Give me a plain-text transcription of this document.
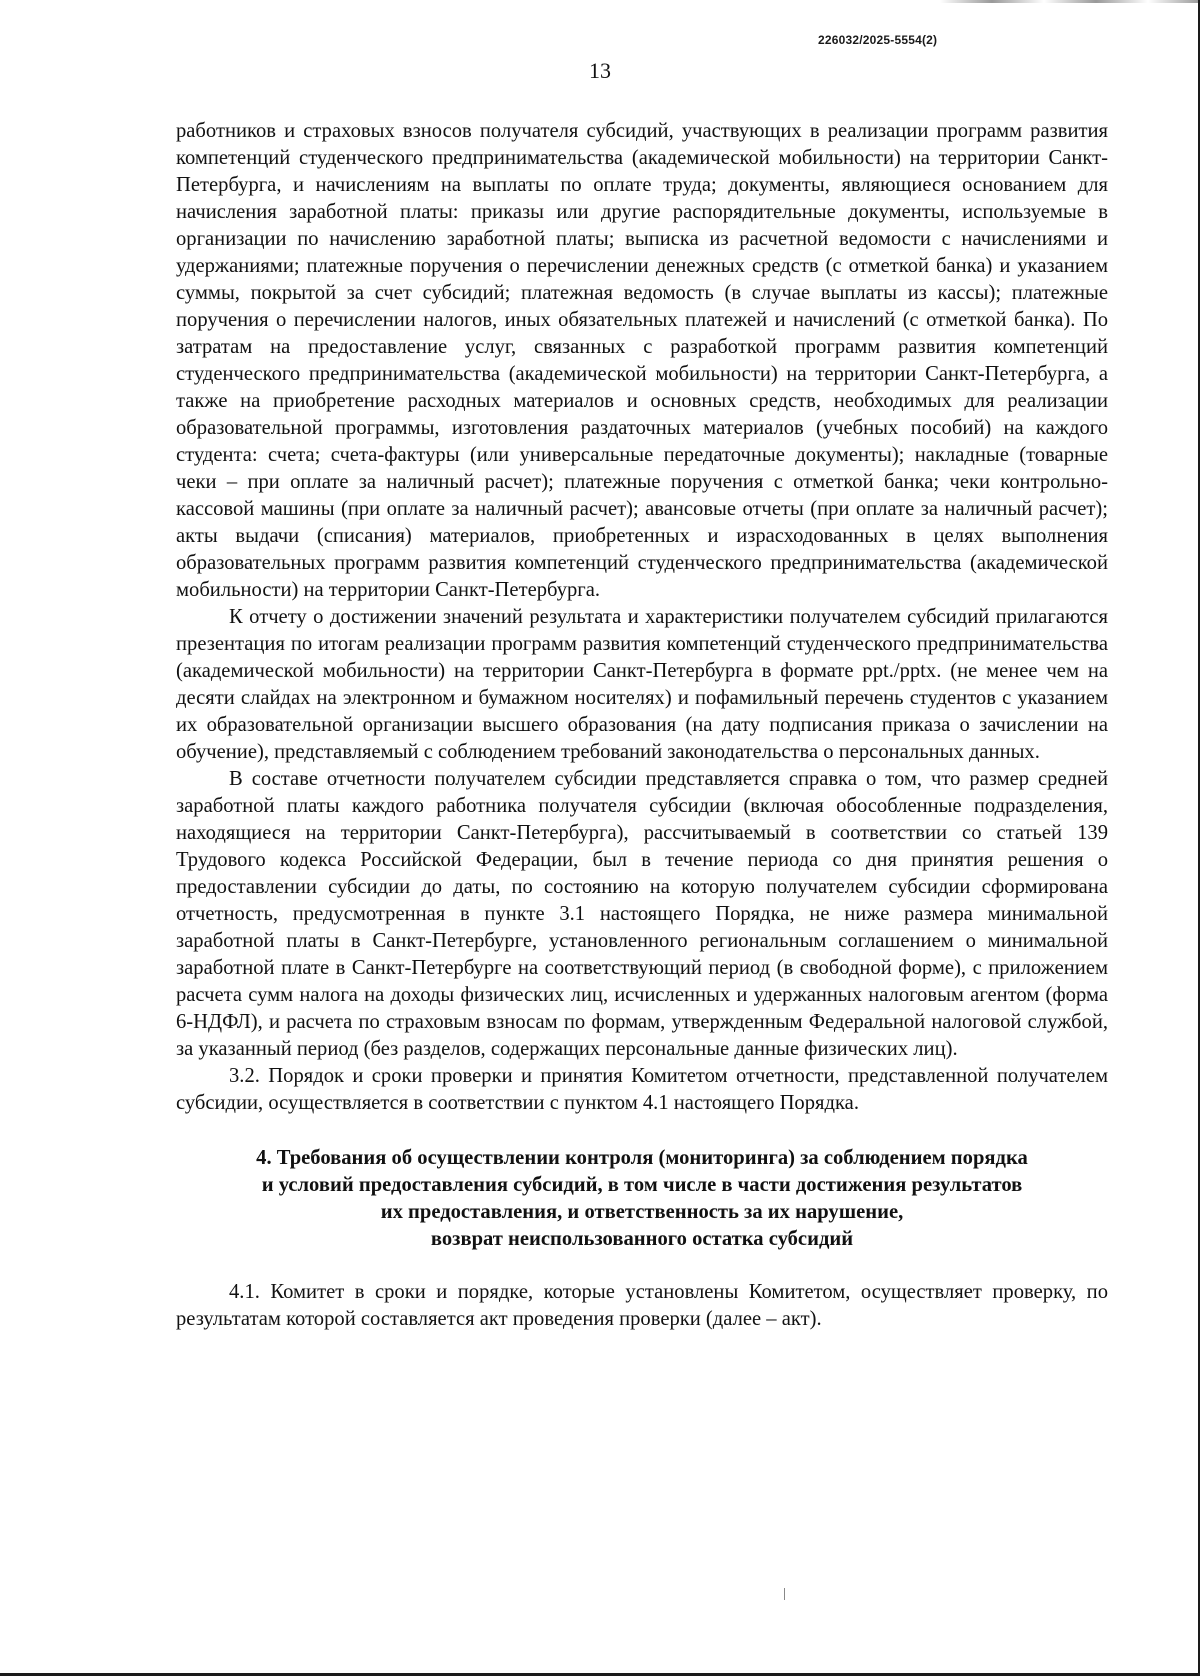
226032/2025-5554(2)
13

работников и страховых взносов получателя субсидий, участвующих в реализации программ развития компетенций студенческого предпринимательства (академической мобильности) на территории Санкт-Петербурга, и начислениям на выплаты по оплате труда; документы, являющиеся основанием для начисления заработной платы: приказы или другие распорядительные документы, используемые в организации по начислению заработной платы; выписка из расчетной ведомости с начислениями и удержаниями; платежные поручения о перечислении денежных средств (с отметкой банка) и указанием суммы, покрытой за счет субсидий; платежная ведомость (в случае выплаты из кассы); платежные поручения о перечислении налогов, иных обязательных платежей и начислений (с отметкой банка). По затратам на предоставление услуг, связанных с разработкой программ развития компетенций студенческого предпринимательства (академической мобильности) на территории Санкт-Петербурга, а также на приобретение расходных материалов и основных средств, необходимых для реализации образовательной программы, изготовления раздаточных материалов (учебных пособий) на каждого студента: счета; счета-фактуры (или универсальные передаточные документы); накладные (товарные чеки – при оплате за наличный расчет); платежные поручения с отметкой банка; чеки контрольно-кассовой машины (при оплате за наличный расчет); авансовые отчеты (при оплате за наличный расчет); акты выдачи (списания) материалов, приобретенных и израсходованных в целях выполнения образовательных программ развития компетенций студенческого предпринимательства (академической мобильности) на территории Санкт-Петербурга.

К отчету о достижении значений результата и характеристики получателем субсидий прилагаются презентация по итогам реализации программ развития компетенций студенческого предпринимательства (академической мобильности) на территории Санкт-Петербурга в формате ppt./pptx. (не менее чем на десяти слайдах на электронном и бумажном носителях) и пофамильный перечень студентов с указанием их образовательной организации высшего образования (на дату подписания приказа о зачислении на обучение), представляемый с соблюдением требований законодательства о персональных данных.

В составе отчетности получателем субсидии представляется справка о том, что размер средней заработной платы каждого работника получателя субсидии (включая обособленные подразделения, находящиеся на территории Санкт-Петербурга), рассчитываемый в соответствии со статьей 139 Трудового кодекса Российской Федерации, был в течение периода со дня принятия решения о предоставлении субсидии до даты, по состоянию на которую получателем субсидии сформирована отчетность, предусмотренная в пункте 3.1 настоящего Порядка, не ниже размера минимальной заработной платы в Санкт-Петербурге, установленного региональным соглашением о минимальной заработной плате в Санкт-Петербурге на соответствующий период (в свободной форме), с приложением расчета сумм налога на доходы физических лиц, исчисленных и удержанных налоговым агентом (форма 6-НДФЛ), и расчета по страховым взносам по формам, утвержденным Федеральной налоговой службой, за указанный период (без разделов, содержащих персональные данные физических лиц).

3.2. Порядок и сроки проверки и принятия Комитетом отчетности, представленной получателем субсидии, осуществляется в соответствии с пунктом 4.1 настоящего Порядка.

4. Требования об осуществлении контроля (мониторинга) за соблюдением порядка
и условий предоставления субсидий, в том числе в части достижения результатов
их предоставления, и ответственность за их нарушение,
возврат неиспользованного остатка субсидий

4.1. Комитет в сроки и порядке, которые установлены Комитетом, осуществляет проверку, по результатам которой составляется акт проведения проверки (далее – акт).
